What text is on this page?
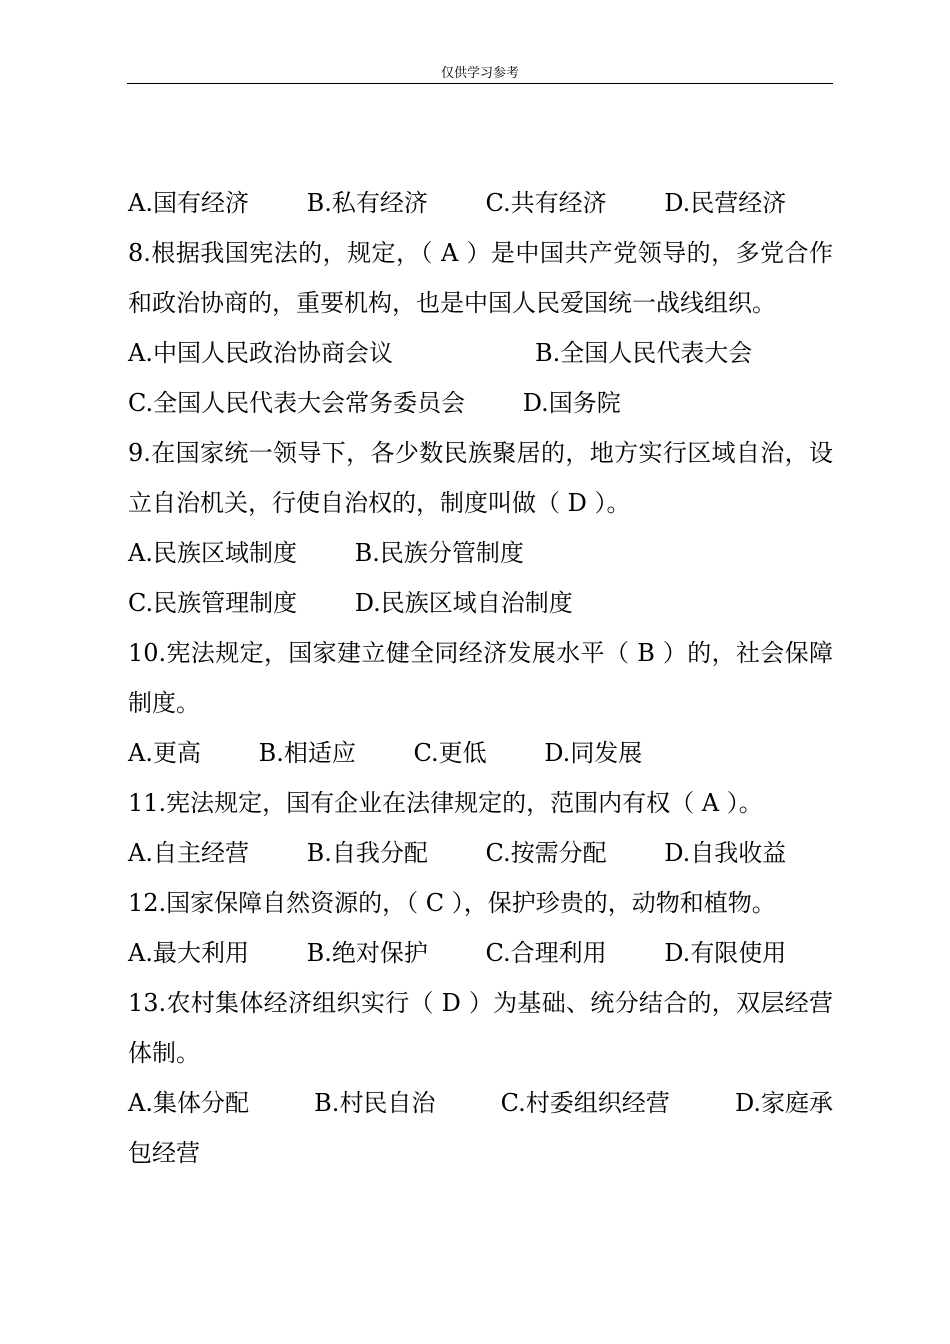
仅供学习参考
A.国有经济 B.私有经济 C.共有经济 D.民营经济
8.根据我国宪法的，规定，（ A ）是中国共产党领导的，多党合作
和政治协商的，重要机构，也是中国人民爱国统一战线组织。
A.中国人民政治协商会议	B.全国人民代表大会
C.全国人民代表大会常务委员会 D.国务院
9.在国家统一领导下，各少数民族聚居的，地方实行区域自治，设
立自治机关，行使自治权的，制度叫做（ D ）。
A.民族区域制度 B.民族分管制度
C.民族管理制度 D.民族区域自治制度
10.宪法规定，国家建立健全同经济发展水平（ B ）的，社会保障
制度。
A.更高 B.相适应 C.更低 D.同发展
11.宪法规定，国有企业在法律规定的，范围内有权（ A ）。
A.自主经营 B.自我分配 C.按需分配 D.自我收益
12.国家保障自然资源的，（ C ），保护珍贵的，动物和植物。
A.最大利用 B.绝对保护 C.合理利用 D.有限使用
13.农村集体经济组织实行（ D ）为基础、统分结合的，双层经营
体制。
A.集体分配	B.村民自治	C.村委组织经营	D.家庭承
包经营
